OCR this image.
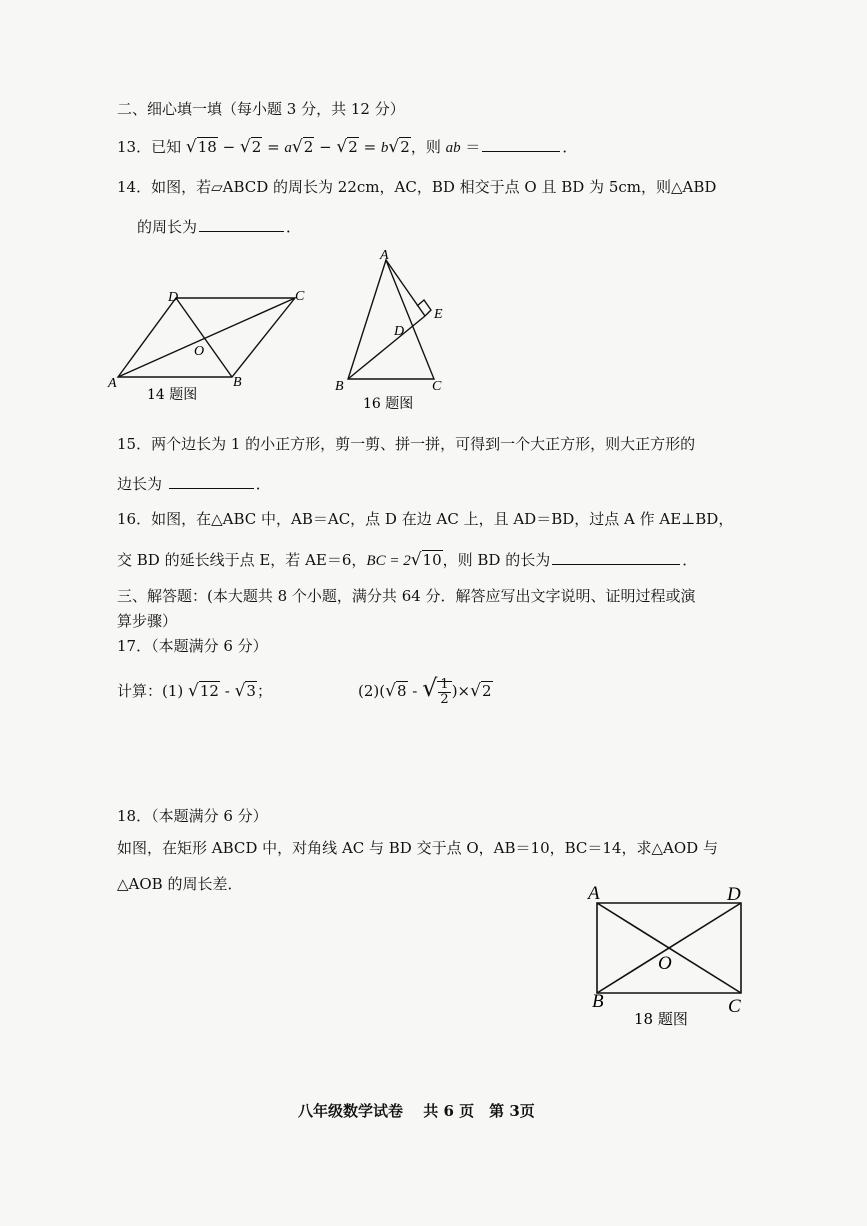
二、细心填一填（每小题 3 分，共 12 分）
13．已知 √18 − √2 = a√2 − √2 = b√2，则 ab ＝	．
14．如图，若▱ABCD 的周长为 22cm，AC，BD 相交于点 O 且 BD 为 5cm，则△ABD
的周长为	．
A	B
C
D
O
14 题图
A
B	C
D
E
16 题图
15．两个边长为 1 的小正方形，剪一剪、拼一拼，可得到一个大正方形，则大正方形的
边长为	．
16．如图，在△ABC 中，AB＝AC，点 D 在边 AC 上，且 AD＝BD，过点 A 作 AE⊥BD，
交 BD 的延长线于点 E，若 AE＝6，BC = 2√10，则 BD 的长为	．
三、解答题：(本大题共 8 个小题，满分共 64 分．解答应写出文字说明、证明过程或演
算步骤）
17．（本题满分 6 分）
计算：(1) √12 - √3；	(2)(√8 - √ $\frac{1}{2} )\times√2$
18．（本题满分 6 分）
如图，在矩形 ABCD 中，对角线 AC 与 BD 交于点 O，AB＝10，BC＝14，求△AOD 与
△AOB 的周长差．	A	D
B	C
O
18 题图
八年级数学试卷　 共 6 页　第 3页
